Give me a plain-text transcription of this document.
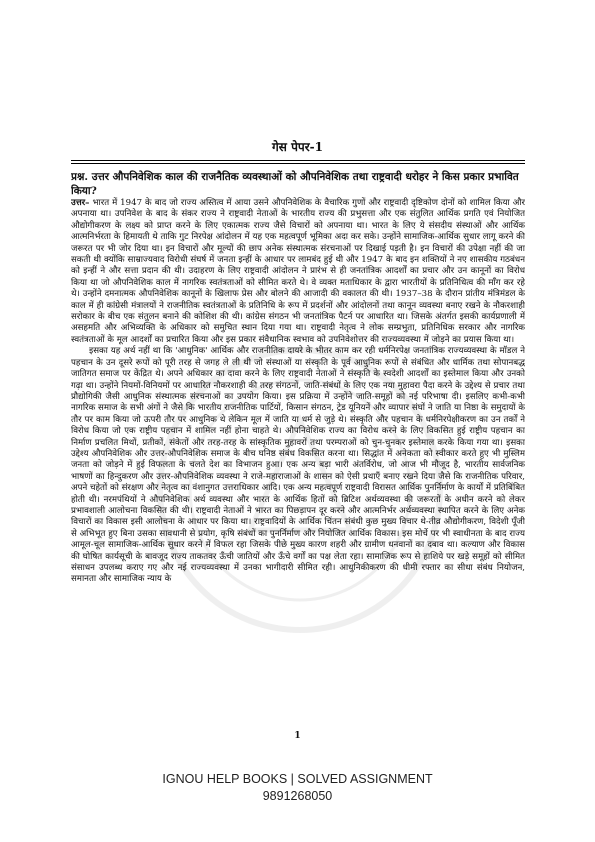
गेस पेपर-1

प्रश्न. उत्तर औपनिवेशिक काल की राजनैतिक व्यवस्थाओं को औपनिवेशिक तथा राष्ट्रवादी धरोहर ने किस प्रकार प्रभावित किया?

उत्तर– भारत में 1947 के बाद जो राज्य अस्तित्व में आया उसने औपनिवेशिक के वैचारिक गुणों और राष्ट्रवादी दृष्टिकोण दोनों को शामिल किया और अपनाया था। उपनिवेश के बाद के संकर राज्य ने राष्ट्रवादी नेताओं के भारतीय राज्य की प्रभुसत्ता और एक संतुलित आर्थिक प्रगति एवं नियोजित औद्योगीकरण के लक्ष्य को प्राप्त करने के लिए एकात्मक राज्य जैसे विचारों को अपनाया था। भारत के लिए ये संसदीय संस्थाओं और आर्थिक आत्मनिर्भरता के हिमायती थे ताकि गुट निरपेक्ष आंदोलन में यह एक महत्वपूर्ण भूमिका अदा कर सके। उन्होंने सामाजिक-आर्थिक सुधार लागू करने की जरूरत पर भी जोर दिया था। इन विचारों और मूल्यों की छाप अनेक संस्थात्मक संरचनाओं पर दिखाई पड़ती है। इन विचारों की उपेक्षा नहीं की जा सकती थी क्योंकि साम्राज्यवाद विरोधी संघर्ष में जनता इन्हीं के आधार पर लामबंद हुई थी और 1947 के बाद इन शक्तियों ने नए शासकीय गठबंधन को इन्हीं ने और सत्ता प्रदान की थी। उदाहरण के लिए राष्ट्रवादी आंदोलन ने प्रारंभ से ही जनतांत्रिक आदर्शों का प्रचार और उन कानूनों का विरोध किया था जो औपनिवेशिक काल में नागरिक स्वतंत्रताओं को सीमित करते थे। वे व्यक्त मताधिकार के द्वारा भारतीयों के प्रतिनिधित्व की माँग कर रहे थे। उन्होंने दमनात्मक औपनिवेशिक कानूनों के खिलाफ प्रेस और बोलने की आजादी की वकालत की थी। 1937–38 के दौरान प्रांतीय मंत्रिमंडल के काल में ही कांग्रेसी मंत्रालयों ने राजनीतिक स्वतंत्रताओं के प्रतिनिधि के रूप में प्रदर्शनों और आंदोलनों तथा कानून व्यवस्था बनाए रखने के नौकरशाही सरोकार के बीच एक संतुलन बनाने की कोशिश की थी। कांग्रेस संगठन भी जनतांत्रिक पैटर्न पर आधारित था। जिसके अंतर्गत इसकी कार्यप्रणाली में असहमति और अभिव्यक्ति के अधिकार को समुचित स्थान दिया गया था। राष्ट्रवादी नेतृत्व ने लोक सम्प्रभुता, प्रतिनिधिक सरकार और नागरिक स्वतंत्रताओं के मूल आदर्शों का प्रचारित किया और इस प्रकार संवैधानिक स्वभाव को उपनिवेशोत्तर की राज्यव्यवस्था में जोड़ने का प्रयास किया था।

इसका यह अर्थ नहीं था कि 'आधुनिक' आर्थिक और राजनीतिक दायरे के भीतर काम कर रही धर्मनिरपेक्ष जनतांत्रिक राज्यव्यवस्था के मॉडल ने पहचान के उन दूसरे रूपों को पूरी तरह से जगह ले ली थी जो संस्थाओं या संस्कृति के पूर्व आधुनिक रूपों से संबंधित और धार्मिक तथा सोपानबद्ध जातिगत समाज पर केंद्रित थे। अपने अधिकार का दावा करने के लिए राष्ट्रवादी नेताओं ने संस्कृति के स्वदेशी आदर्शों का इस्तेमाल किया और उनको गढ़ा था। उन्होंने नियमों-विनियमों पर आधारित नौकरशाही की तरह संगठनों, जाति-संबंधों के लिए एक नया मुहावरा पैदा करने के उद्देश्य से प्रचार तथा प्रौद्योगिकी जैसी आधुनिक संस्थात्मक संरचनाओं का उपयोग किया। इस प्रक्रिया में उन्होंने जाति-समूहों को नई परिभाषा दी। इसलिए कभी-कभी नागरिक समाज के सभी अंगों ने जैसे कि भारतीय राजनीतिक पार्टियों, किसान संगठन, ट्रेड यूनियनें और व्यापार संघों ने जाति या निष्ठा के समुदायों के तौर पर काम किया जो ऊपरी तौर पर आधुनिक थे लेकिन मूल में जाति या धर्म से जुड़े थे। संस्कृति और पहचान के धर्मनिरपेक्षीकरण का उन तर्कों ने विरोध किया जो एक राष्ट्रीय पहचान में शामिल नहीं होना चाहते थे। औपनिवेशिक राज्य का विरोध करने के लिए विकसित हुई राष्ट्रीय पहचान का निर्माण प्रचलित मिथों, प्रतीकों, संकेतों और तरह-तरह के सांस्कृतिक मुहावरों तथा परम्पराओं को चुन-चुनकर इस्तेमाल करके किया गया था। इसका उद्देश्य औपनिवेशिक और उत्तर-औपनिवेशिक समाज के बीच घनिष्ठ संबंध विकसित करना था। सिद्धांत में अनेकता को स्वीकार करते हुए भी मुस्लिम जनता को जोड़ने में हुई विफलता के चलते देश का विभाजन हुआ। एक अन्य बड़ा भारी अंतर्विरोध, जो आज भी मौजूद है, भारतीय सार्वजनिक भाषणों का हिन्दुकरण और उत्तर-औपनिवेशिक व्यवस्था ने राजे-महाराजाओं के शासन को ऐसी प्रथाएँ बनाए रखने दिया जैसे कि राजनीतिक परिवार, अपने चहेतों को संरक्षण और नेतृत्व का वंशानुगत उत्तराधिकार आदि। एक अन्य महत्वपूर्ण राष्ट्रवादी विरासत आर्थिक पुनर्निर्माण के कार्यों में प्रतिबिंबित होती थी। नरमपंथियों ने औपनिवेशिक अर्थ व्यवस्था और भारत के आर्थिक हितों को ब्रिटिश अर्थव्यवस्था की जरूरतों के अधीन करने को लेकर प्रभावशाली आलोचना विकसित की थी। राष्ट्रवादी नेताओं ने भारत का पिछड़ापन दूर करने और आत्मनिर्भर अर्थव्यवस्था स्थापित करने के लिए अनेक विचारों का विकास इसी आलोचना के आधार पर किया था। राष्ट्रवादियों के आर्थिक चिंतन संबंधी कुछ मुख्य विचार थे-तीव्र औद्योगीकरण, विदेशी पूँजी से अभिभूत हुए बिना उसका सावधानी से प्रयोग, कृषि संबंधों का पुनर्निर्माण और नियोजित आर्थिक विकास। इस मोर्चे पर भी स्वाधीनता के बाद राज्य आमूल-चूल सामाजिक-आर्थिक सुधार करने में विफल रहा जिसके पीछे मुख्य कारण शहरी और ग्रामीण धनवानों का दबाव था। कल्याण और विकास की घोषित कार्यसूची के बावजूद राज्य ताकतवर ऊँची जातियों और ऊँचे वर्गों का पक्ष लेता रहा। सामाजिक रूप से हाशिये पर खड़े समूहों को सीमित संसाधन उपलब्ध कराए गए और नई राज्यव्यवस्था में उनका भागीदारी सीमित रही। आधुनिकीकरण की धीमी रफ्तार का सीधा संबंध नियोजन, समानता और सामाजिक न्याय के

1
IGNOU HELP BOOKS | SOLVED ASSIGNMENT
9891268050
